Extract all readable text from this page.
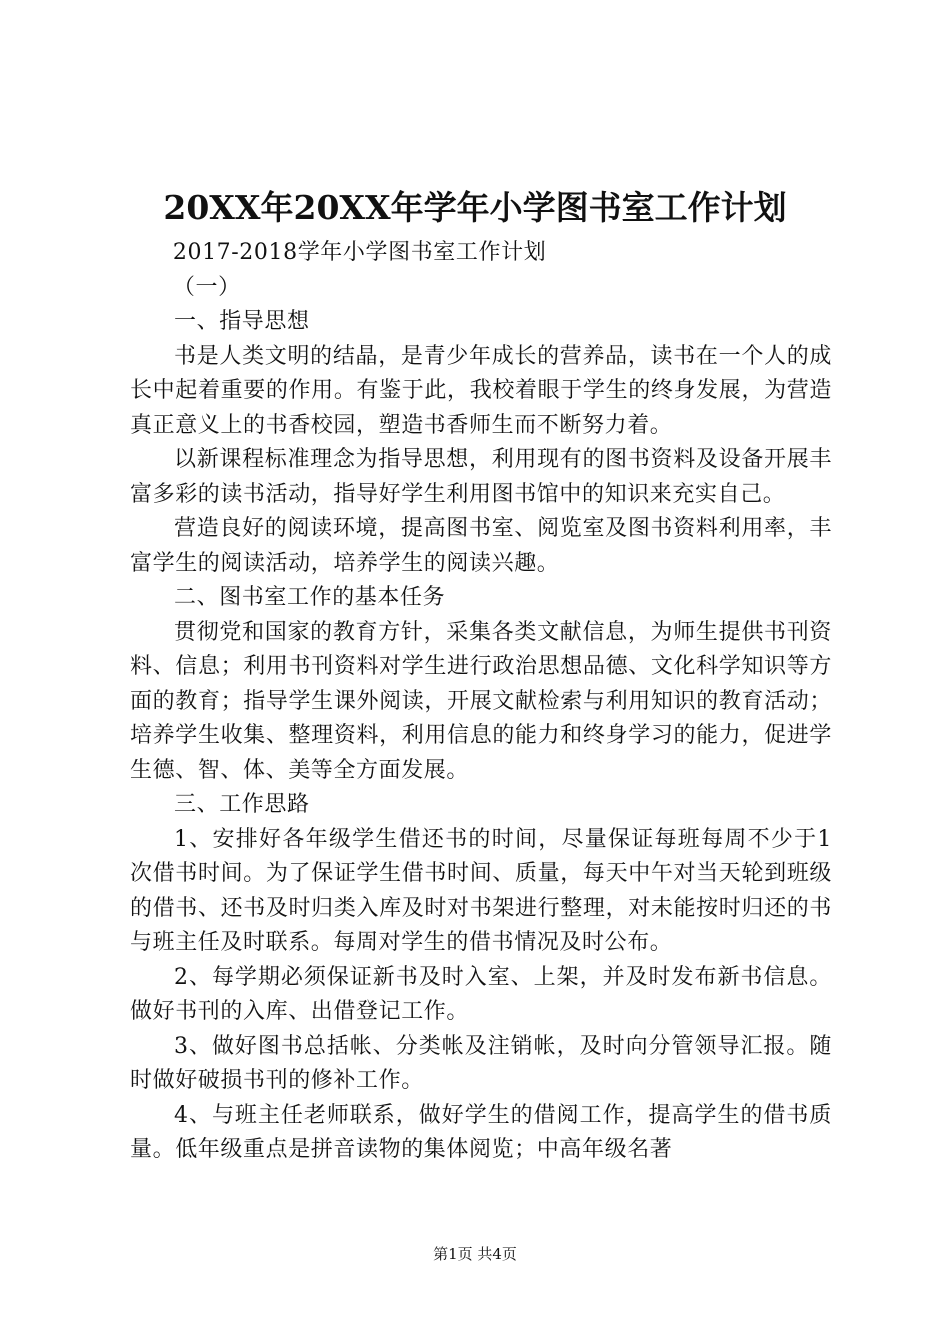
20XX年20XX年学年小学图书室工作计划

2017-2018学年小学图书室工作计划

（一）

一、指导思想

书是人类文明的结晶，是青少年成长的营养品，读书在一个人的成长中起着重要的作用。有鉴于此，我校着眼于学生的终身发展，为营造真正意义上的书香校园，塑造书香师生而不断努力着。

以新课程标准理念为指导思想，利用现有的图书资料及设备开展丰富多彩的读书活动，指导好学生利用图书馆中的知识来充实自己。

营造良好的阅读环境，提高图书室、阅览室及图书资料利用率，丰富学生的阅读活动，培养学生的阅读兴趣。

二、图书室工作的基本任务

贯彻党和国家的教育方针，采集各类文献信息，为师生提供书刊资料、信息；利用书刊资料对学生进行政治思想品德、文化科学知识等方面的教育；指导学生课外阅读，开展文献检索与利用知识的教育活动；培养学生收集、整理资料，利用信息的能力和终身学习的能力，促进学生德、智、体、美等全方面发展。

三、工作思路

1、安排好各年级学生借还书的时间，尽量保证每班每周不少于1次借书时间。为了保证学生借书时间、质量，每天中午对当天轮到班级的借书、还书及时归类入库及时对书架进行整理，对未能按时归还的书与班主任及时联系。每周对学生的借书情况及时公布。

2、每学期必须保证新书及时入室、上架，并及时发布新书信息。做好书刊的入库、出借登记工作。

3、做好图书总括帐、分类帐及注销帐，及时向分管领导汇报。随时做好破损书刊的修补工作。

4、与班主任老师联系，做好学生的借阅工作，提高学生的借书质量。低年级重点是拼音读物的集体阅览；中高年级名著

第1页 共4页
